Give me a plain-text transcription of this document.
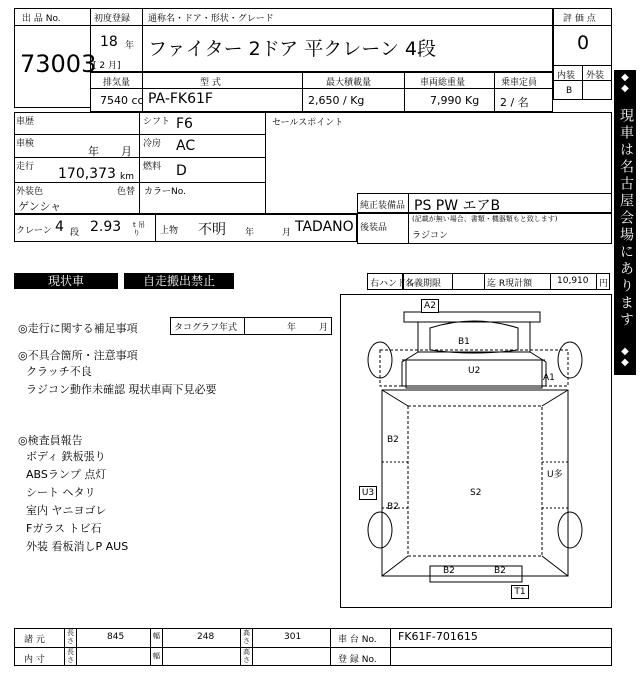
出 品 No.
73003
初度登録 通称名・ドア・形状・グレード
18 年
[ 2 月]
ファイター 2ドア 平クレーン 4段
評 価 点
0
内装 外装
B
排気量	型 式	最大積載量	車両総重量	乗車定員
7540 cc PA-FK61F	2,650 / Kg	7,990 Kg 2 / 名
車歴
車検
年 月
走行 170,373 km
外装色
ゲンシャ
色替 カラーNo.
シフト F6
冷房 AC
燃料 D
セールスポイント
純正装備品 PS PW エアB
後装品
(記載が無い場合、書類・機器類もと致します)
ラジコン
クレーン 4 段 2.93 t 吊り	上物 不明 年	月 TADANO
現状車	自走搬出禁止	右ハンドル
名義期限	迄 R現計額	10,910 円
◎走行に関する補足事項	タコグラフ年式	年	月
◎不具合箇所・注意事項
クラッチ不良
ラジコン動作未確認 現状車両下見必要
◎検査員報告
ボディ 鉄板張り
ABSランプ 点灯
シート ヘタリ
室内 ヤニヨゴレ
Fガラス トビ石
外装 看板消しP AUS
A2
B1
U2
A1
B2
U多
U3	S2
B2
B2	B2
T1
◆
◆
現車は名古屋会場にあります
◆
◆
諸 元
長さ	845	幅	248	高さ	301	車 台 No. FK61F-701615
内 寸
長さ	幅	高さ	登 録 No.
